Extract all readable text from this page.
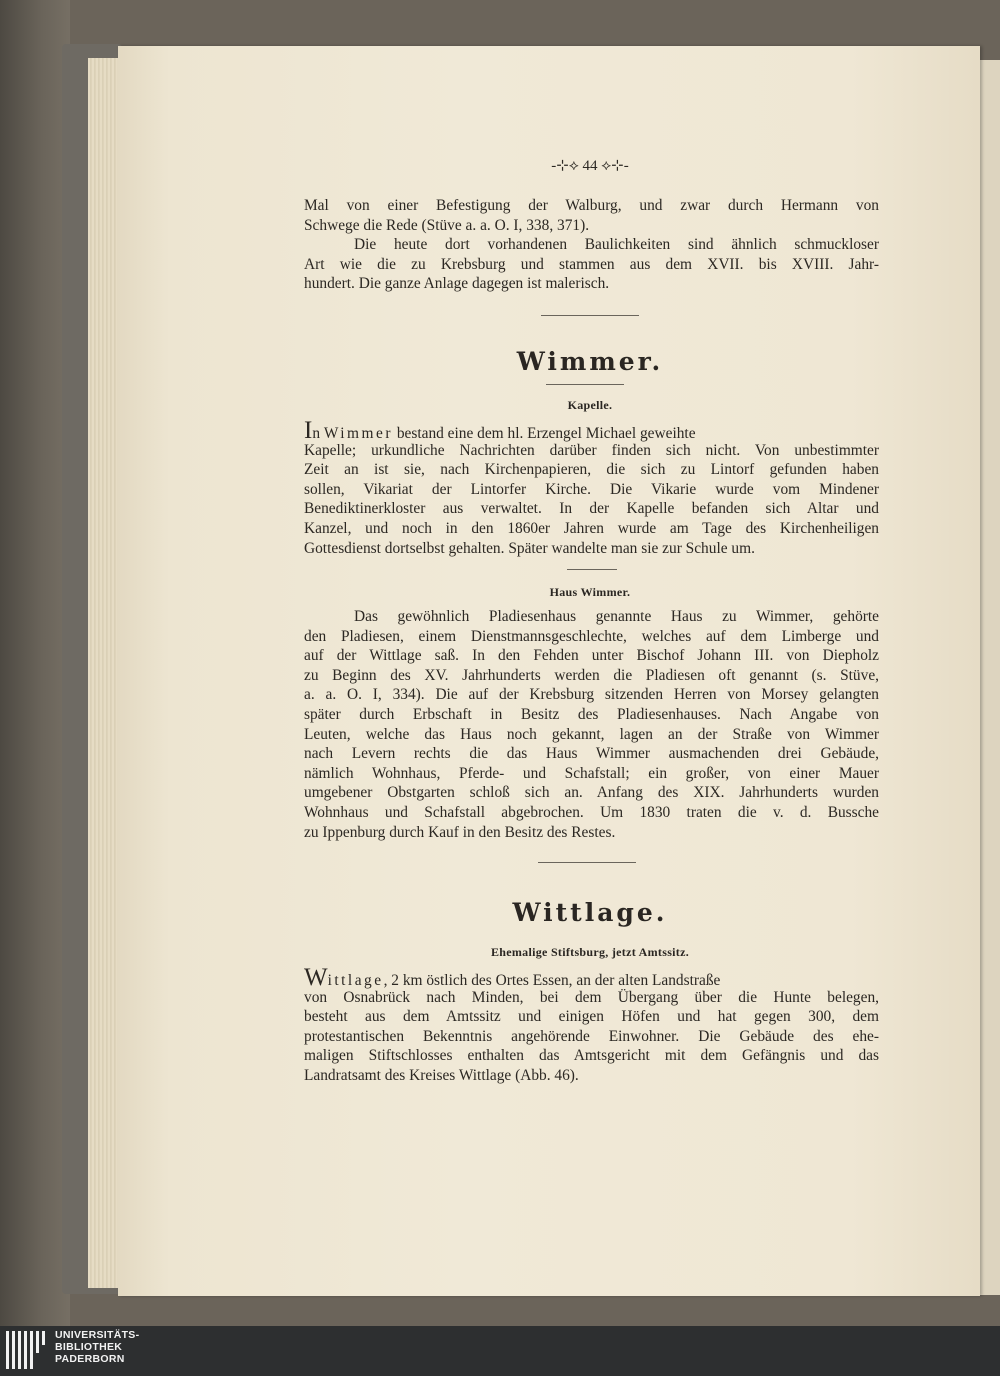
-⊹⟡ 44 ⟡⊹-
Mal von einer Befestigung der Walburg, und zwar durch Hermann von
Schwege die Rede (Stüve a. a. O. I, 338, 371).
Die heute dort vorhandenen Baulichkeiten sind ähnlich schmuckloser
Art wie die zu Krebsburg und stammen aus dem XVII. bis XVIII. Jahr-
hundert. Die ganze Anlage dagegen ist malerisch.
Wimmer.
Kapelle.
In Wimmer bestand eine dem hl. Erzengel Michael geweihte
Kapelle; urkundliche Nachrichten darüber finden sich nicht. Von unbestimmter
Zeit an ist sie, nach Kirchenpapieren, die sich zu Lintorf gefunden haben
sollen, Vikariat der Lintorfer Kirche. Die Vikarie wurde vom Mindener
Benediktinerkloster aus verwaltet. In der Kapelle befanden sich Altar und
Kanzel, und noch in den 1860er Jahren wurde am Tage des Kirchenheiligen
Gottesdienst dortselbst gehalten. Später wandelte man sie zur Schule um.
Haus Wimmer.
Das gewöhnlich Pladiesenhaus genannte Haus zu Wimmer, gehörte
den Pladiesen, einem Dienstmannsgeschlechte, welches auf dem Limberge und
auf der Wittlage saß. In den Fehden unter Bischof Johann III. von Diepholz
zu Beginn des XV. Jahrhunderts werden die Pladiesen oft genannt (s. Stüve,
a. a. O. I, 334). Die auf der Krebsburg sitzenden Herren von Morsey gelangten
später durch Erbschaft in Besitz des Pladiesenhauses. Nach Angabe von
Leuten, welche das Haus noch gekannt, lagen an der Straße von Wimmer
nach Levern rechts die das Haus Wimmer ausmachenden drei Gebäude,
nämlich Wohnhaus, Pferde- und Schafstall; ein großer, von einer Mauer
umgebener Obstgarten schloß sich an. Anfang des XIX. Jahrhunderts wurden
Wohnhaus und Schafstall abgebrochen. Um 1830 traten die v. d. Bussche
zu Ippenburg durch Kauf in den Besitz des Restes.
Wittlage.
Ehemalige Stiftsburg, jetzt Amtssitz.
Wittlage, 2 km östlich des Ortes Essen, an der alten Landstraße
von Osnabrück nach Minden, bei dem Übergang über die Hunte belegen,
besteht aus dem Amtssitz und einigen Höfen und hat gegen 300, dem
protestantischen Bekenntnis angehörende Einwohner. Die Gebäude des ehe-
maligen Stiftschlosses enthalten das Amtsgericht mit dem Gefängnis und das
Landratsamt des Kreises Wittlage (Abb. 46).
UNIVERSITÄTS-
BIBLIOTHEK
PADERBORN
